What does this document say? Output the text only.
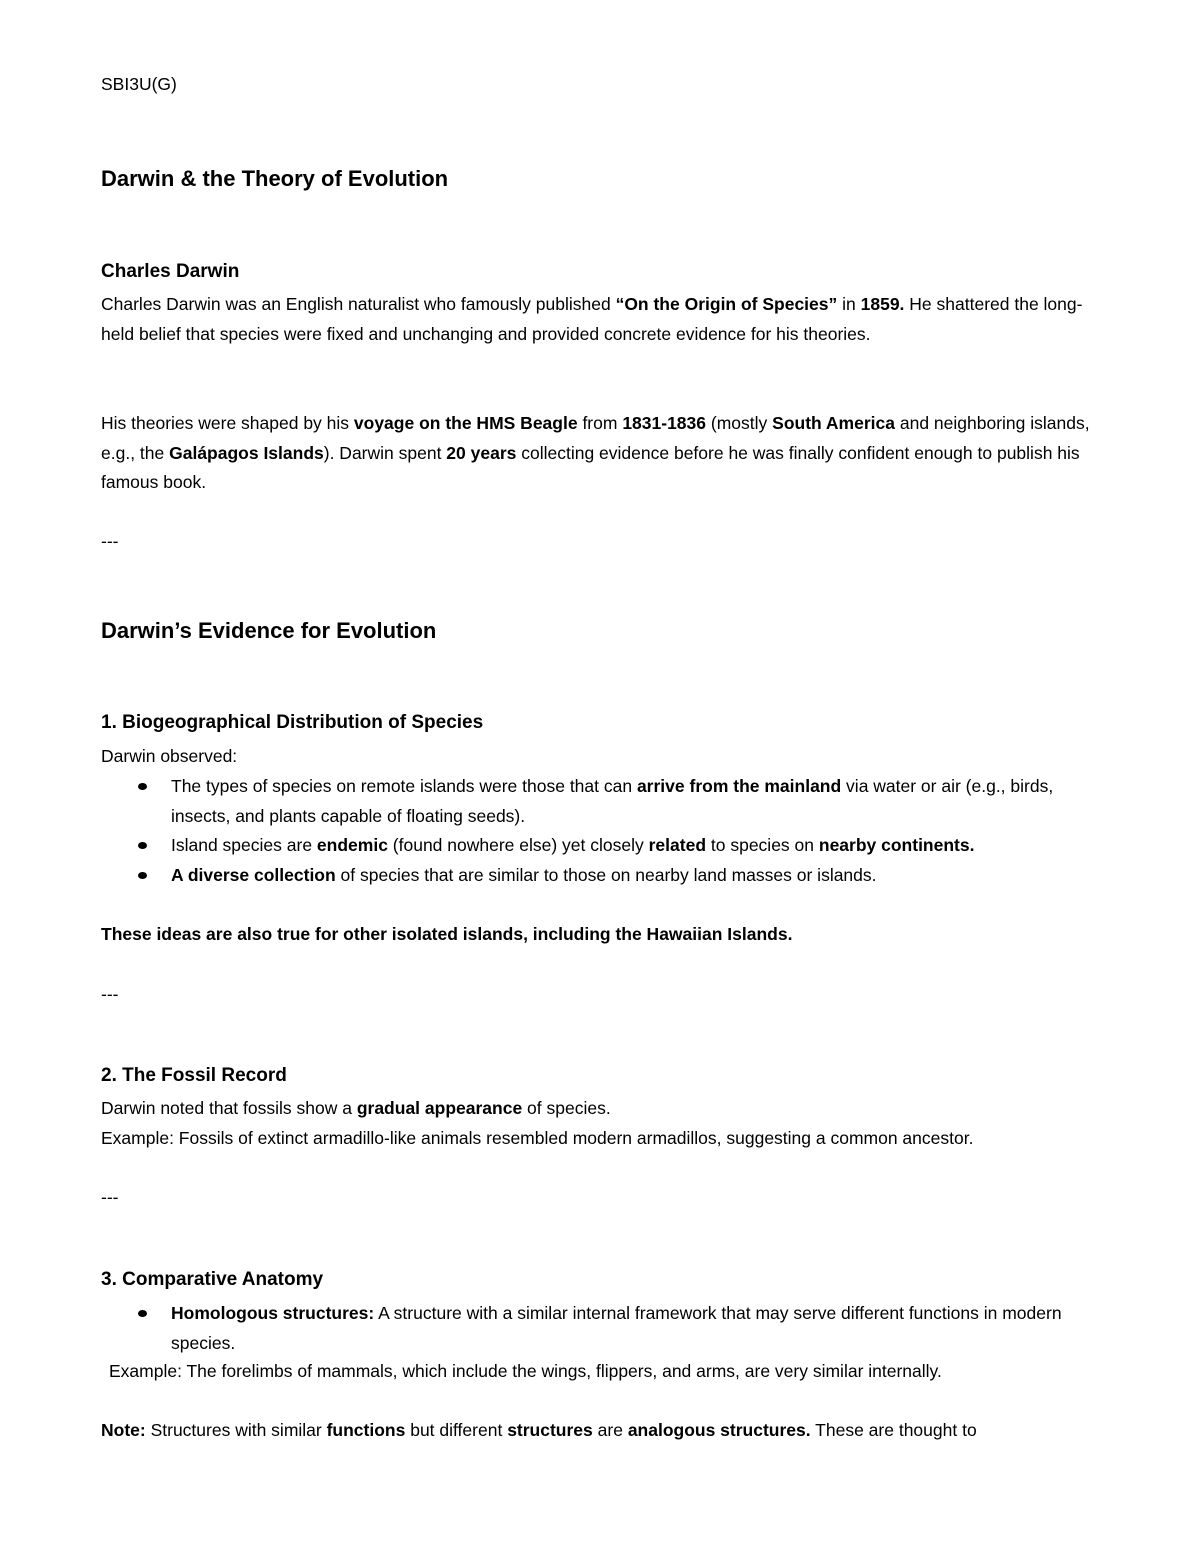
SBI3U(G)
Darwin & the Theory of Evolution
Charles Darwin

Charles Darwin was an English naturalist who famously published “On the Origin of Species” in 1859. He shattered the long-held belief that species were fixed and unchanging and provided concrete evidence for his theories.

His theories were shaped by his voyage on the HMS Beagle from 1831-1836 (mostly South America and neighboring islands, e.g., the Galápagos Islands). Darwin spent 20 years collecting evidence before he was finally confident enough to publish his famous book.

---
Darwin’s Evidence for Evolution
1. Biogeographical Distribution of Species
Darwin observed:

The types of species on remote islands were those that can arrive from the mainland via water or air (e.g., birds, insects, and plants capable of floating seeds).

Island species are endemic (found nowhere else) yet closely related to species on nearby continents.

A diverse collection of species that are similar to those on nearby land masses or islands.

These ideas are also true for other isolated islands, including the Hawaiian Islands.
---
2. The Fossil Record

Darwin noted that fossils show a gradual appearance of species.

Example: Fossils of extinct armadillo-like animals resembled modern armadillos, suggesting a common ancestor.
---
3. Comparative Anatomy

Homologous structures: A structure with a similar internal framework that may serve different functions in modern species.

Example: The forelimbs of mammals, which include the wings, flippers, and arms, are very similar internally.

Note: Structures with similar functions but different structures are analogous structures. These are thought to
